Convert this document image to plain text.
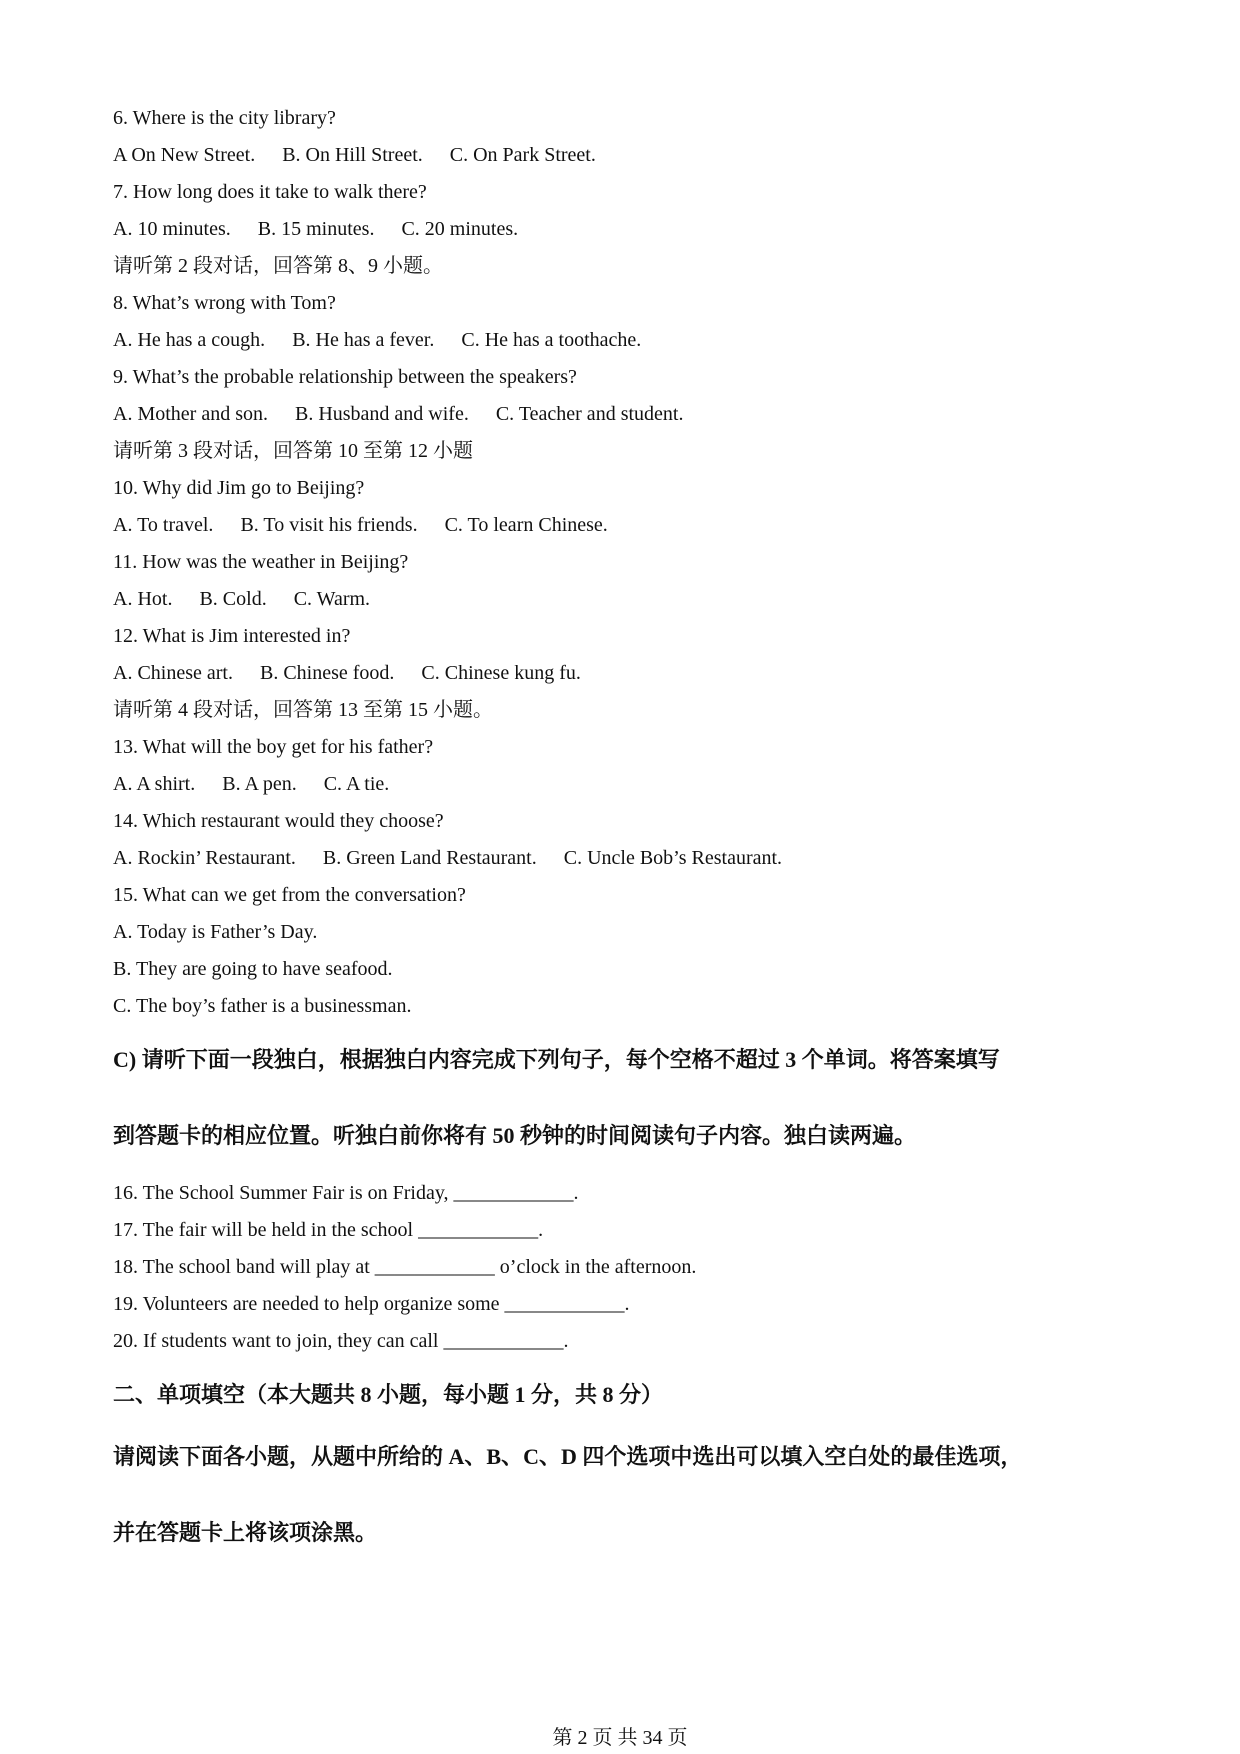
6. Where is the city library?
A On New Street. B. On Hill Street. C. On Park Street.
7. How long does it take to walk there?
A. 10 minutes. B. 15 minutes. C. 20 minutes.
请听第 2 段对话，回答第 8、9 小题。
8. What’s wrong with Tom?
A. He has a cough. B. He has a fever. C. He has a toothache.
9. What’s the probable relationship between the speakers?
A. Mother and son. B. Husband and wife. C. Teacher and student.
请听第 3 段对话，回答第 10 至第 12 小题
10. Why did Jim go to Beijing?
A. To travel. B. To visit his friends. C. To learn Chinese.
11. How was the weather in Beijing?
A. Hot. B. Cold. C. Warm.
12. What is Jim interested in?
A. Chinese art. B. Chinese food. C. Chinese kung fu.
请听第 4 段对话，回答第 13 至第 15 小题。
13. What will the boy get for his father?
A. A shirt. B. A pen. C. A tie.
14. Which restaurant would they choose?
A. Rockin’ Restaurant. B. Green Land Restaurant. C. Uncle Bob’s Restaurant.
15. What can we get from the conversation?
A. Today is Father’s Day.
B. They are going to have seafood.
C. The boy’s father is a businessman.
C) 请听下面一段独白，根据独白内容完成下列句子，每个空格不超过 3 个单词。将答案填写
到答题卡的相应位置。听独白前你将有 50 秒钟的时间阅读句子内容。独白读两遍。
16. The School Summer Fair is on Friday, ____________.
17. The fair will be held in the school ____________.
18. The school band will play at ____________ o’clock in the afternoon.
19. Volunteers are needed to help organize some ____________.
20. If students want to join, they can call ____________.
二、单项填空（本大题共 8 小题，每小题 1 分，共 8 分）
请阅读下面各小题，从题中所给的 A、B、C、D 四个选项中选出可以填入空白处的最佳选项，
并在答题卡上将该项涂黑。
第 2 页 共 34 页
